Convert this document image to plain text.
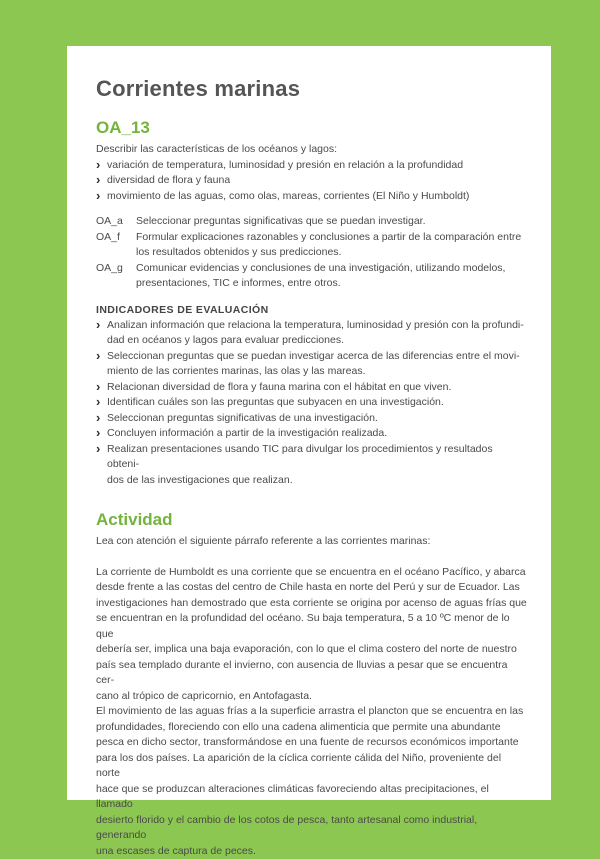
Corrientes marinas
OA_13
Describir las características de los océanos y lagos:
› variación de temperatura, luminosidad y presión en relación a la profundidad
› diversidad de flora y fauna
› movimiento de las aguas, como olas, mareas, corrientes (El Niño y Humboldt)
OA_a	Seleccionar preguntas significativas que se puedan investigar.
OA_f	Formular explicaciones razonables y conclusiones a partir de la comparación entre
los resultados obtenidos y sus predicciones.
OA_g	Comunicar evidencias y conclusiones de una investigación, utilizando modelos,
presentaciones, TIC e informes, entre otros.
INDICADORES DE EVALUACIÓN
› Analizan información que relaciona la temperatura, luminosidad y presión con la profundi-
dad en océanos y lagos para evaluar predicciones.
› Seleccionan preguntas que se puedan investigar acerca de las diferencias entre el movi-
miento de las corrientes marinas, las olas y las mareas.
› Relacionan diversidad de flora y fauna marina con el hábitat en que viven.
› Identifican cuáles son las preguntas que subyacen en una investigación.
› Seleccionan preguntas significativas de una investigación.
› Concluyen información a partir de la investigación realizada.
› Realizan presentaciones usando TIC para divulgar los procedimientos y resultados obteni-
dos de las investigaciones que realizan.
Actividad
Lea con atención el siguiente párrafo referente a las corrientes marinas:
La corriente de Humboldt es una corriente que se encuentra en el océano Pacífico, y abarca
desde frente a las costas del centro de Chile hasta en norte del Perú y sur de Ecuador. Las
investigaciones han demostrado que esta corriente se origina por acenso de aguas frías que
se encuentran en la profundidad del océano. Su baja temperatura, 5 a 10 ºC menor de lo que
debería ser, implica una baja evaporación, con lo que el clima costero del norte de nuestro
país sea templado durante el invierno, con ausencia de lluvias a pesar que se encuentra cer-
cano al trópico de capricornio, en Antofagasta.
El movimiento de las aguas frías a la superficie arrastra el plancton que se encuentra en las
profundidades, floreciendo con ello una cadena alimenticia que permite una abundante
pesca en dicho sector, transformándose en una fuente de recursos económicos importante
para los dos países. La aparición de la cíclica corriente cálida del Niño, proveniente del norte
hace que se produzcan alteraciones climáticas favoreciendo altas precipitaciones, el llamado
desierto florido y el cambio de los cotos de pesca, tanto artesanal como industrial, generando
una escases de captura de peces.
